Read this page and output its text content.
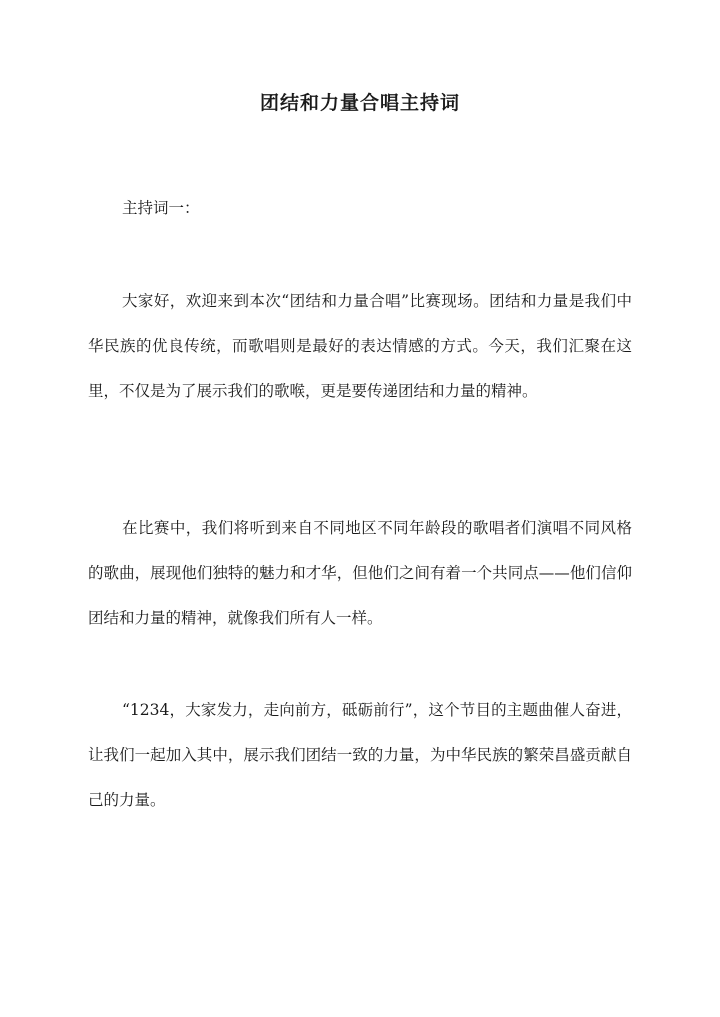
团结和力量合唱主持词

主持词一：

大家好，欢迎来到本次“团结和力量合唱”比赛现场。团结和力量是我们中华民族的优良传统，而歌唱则是最好的表达情感的方式。今天，我们汇聚在这里，不仅是为了展示我们的歌喉，更是要传递团结和力量的精神。

在比赛中，我们将听到来自不同地区不同年龄段的歌唱者们演唱不同风格的歌曲，展现他们独特的魅力和才华，但他们之间有着一个共同点——他们信仰团结和力量的精神，就像我们所有人一样。

“1234，大家发力，走向前方，砥砺前行”，这个节目的主题曲催人奋进，让我们一起加入其中，展示我们团结一致的力量，为中华民族的繁荣昌盛贡献自己的力量。
